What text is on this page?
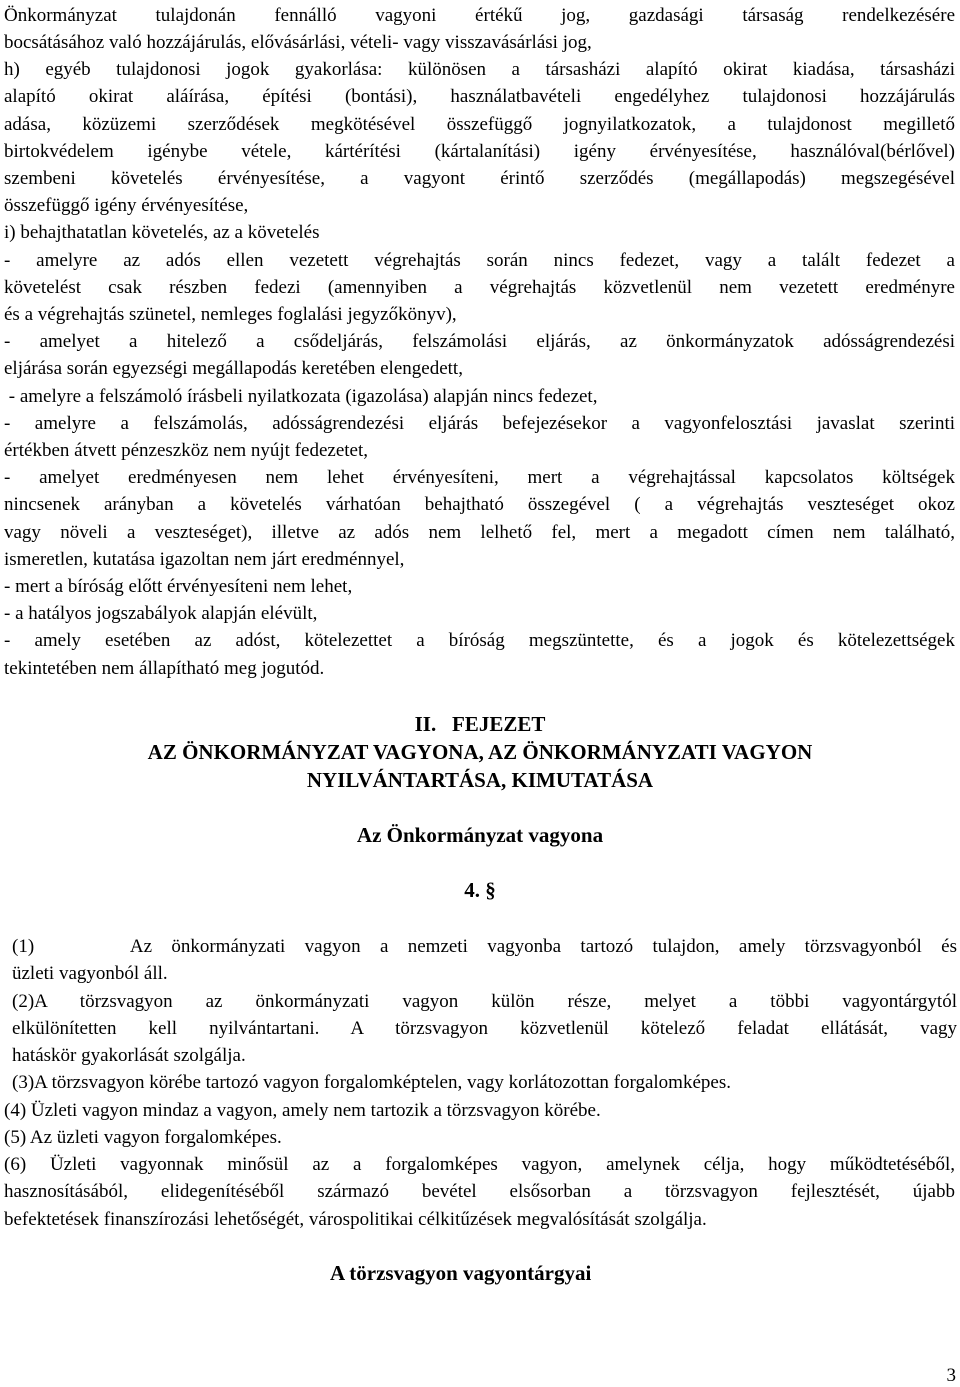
Önkormányzat tulajdonán fennálló vagyoni értékű jog, gazdasági társaság rendelkezésére
bocsátásához való hozzájárulás, elővásárlási, vételi- vagy visszavásárlási jog,
h) egyéb tulajdonosi jogok gyakorlása: különösen a társasházi alapító okirat kiadása, társasházi
alapító okirat aláírása, építési (bontási), használatbavételi engedélyhez tulajdonosi hozzájárulás
adása, közüzemi szerződések megkötésével összefüggő jognyilatkozatok, a tulajdonost megillető
birtokvédelem igénybe vétele, kártérítési (kártalanítási) igény érvényesítése, használóval(bérlővel)
szembeni követelés érvényesítése, a vagyont érintő szerződés (megállapodás) megszegésével
összefüggő igény érvényesítése,
i) behajthatatlan követelés, az a követelés
- amelyre az adós ellen vezetett végrehajtás során nincs fedezet, vagy a talált fedezet a
követelést csak részben fedezi (amennyiben a végrehajtás közvetlenül nem vezetett eredményre
és a végrehajtás szünetel, nemleges foglalási jegyzőkönyv),
- amelyet a hitelező a csődeljárás, felszámolási eljárás, az önkormányzatok adósságrendezési
eljárása során egyezségi megállapodás keretében elengedett,
- amelyre a felszámoló írásbeli nyilatkozata (igazolása) alapján nincs fedezet,
- amelyre a felszámolás, adósságrendezési eljárás befejezésekor a vagyonfelosztási javaslat szerinti
értékben átvett pénzeszköz nem nyújt fedezetet,
- amelyet eredményesen nem lehet érvényesíteni, mert a végrehajtással kapcsolatos költségek
nincsenek arányban a követelés várhatóan behajtható összegével ( a végrehajtás veszteséget okoz
vagy növeli a veszteséget), illetve az adós nem lelhető fel, mert a megadott címen nem található,
ismeretlen, kutatása igazoltan nem járt eredménnyel,
- mert a bíróság előtt érvényesíteni nem lehet,
- a hatályos jogszabályok alapján elévült,
- amely esetében az adóst, kötelezettet a bíróság megszüntette, és a jogok és kötelezettségek
tekintetében nem állapítható meg jogutód.
II. FEJEZET
AZ ÖNKORMÁNYZAT VAGYONA, AZ ÖNKORMÁNYZATI VAGYON
NYILVÁNTARTÁSA, KIMUTATÁSA
Az Önkormányzat vagyona
4. §
(1)     Az önkormányzati vagyon a nemzeti vagyonba tartozó tulajdon, amely törzsvagyonból és
üzleti vagyonból áll.
(2)A törzsvagyon az önkormányzati vagyon külön része, melyet a többi vagyontárgytól
elkülönítetten kell nyilvántartani. A törzsvagyon közvetlenül kötelező feladat ellátását, vagy
hatáskör gyakorlását szolgálja.
(3)A törzsvagyon körébe tartozó vagyon forgalomképtelen, vagy korlátozottan forgalomképes.
(4) Üzleti vagyon mindaz a vagyon, amely nem tartozik a törzsvagyon körébe.
(5) Az üzleti vagyon forgalomképes.
(6) Üzleti vagyonnak minősül az a forgalomképes vagyon, amelynek célja, hogy működtetéséből,
hasznosításából, elidegenítéséből származó bevétel elsősorban a törzsvagyon fejlesztését, újabb
befektetések finanszírozási lehetőségét, várospolitikai célkitűzések megvalósítását szolgálja.
A törzsvagyon vagyontárgyai
3
